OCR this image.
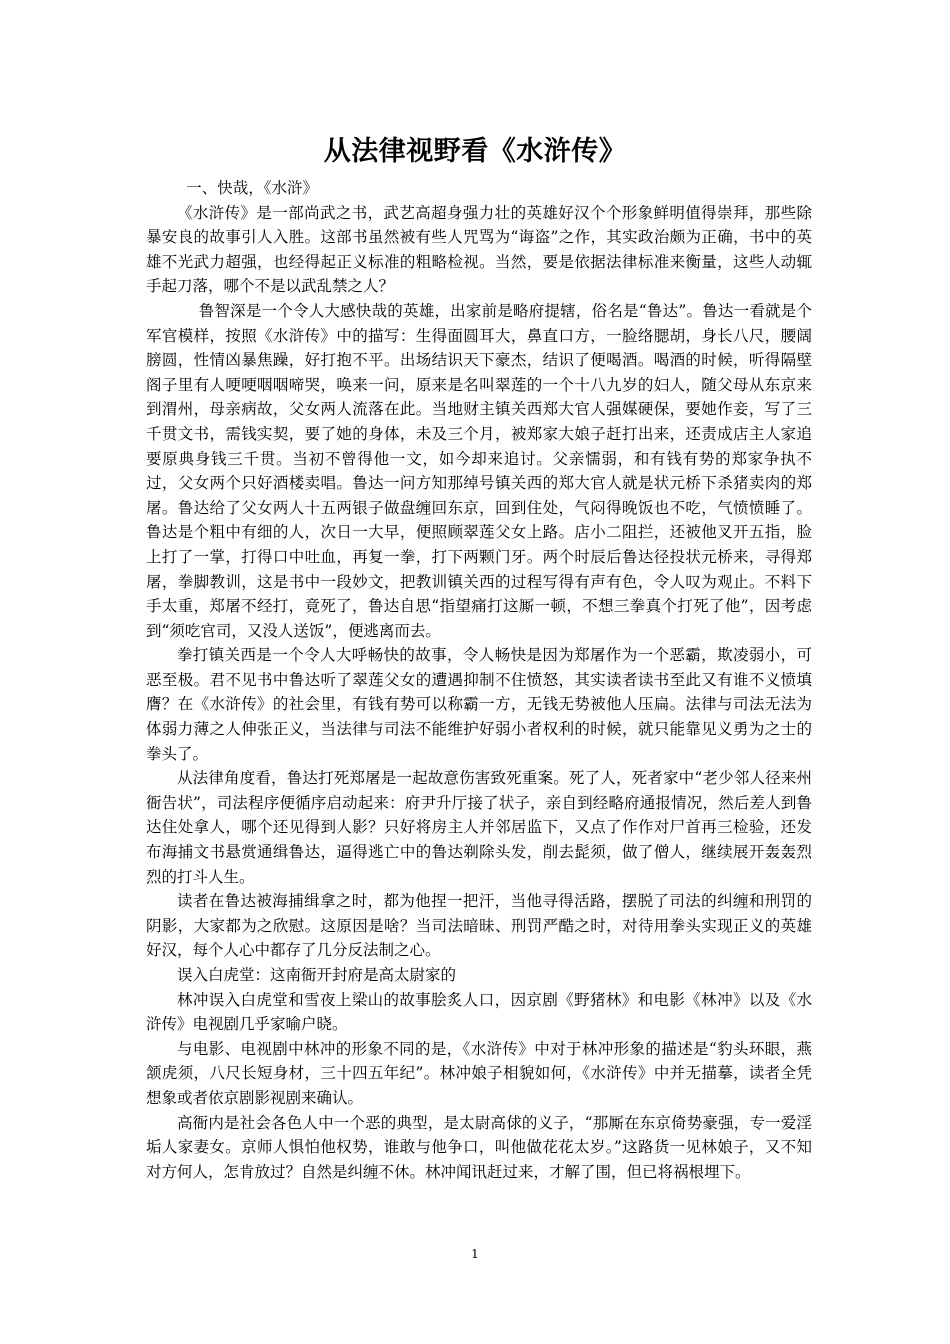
从法律视野看《水浒传》

一、快哉，《水浒》

《水浒传》是一部尚武之书，武艺高超身强力壮的英雄好汉个个形象鲜明值得崇拜，那些除暴安良的故事引人入胜。这部书虽然被有些人咒骂为“诲盗”之作，其实政治颇为正确，书中的英雄不光武力超强，也经得起正义标准的粗略检视。当然，要是依据法律标准来衡量，这些人动辄手起刀落，哪个不是以武乱禁之人？

鲁智深是一个令人大感快哉的英雄，出家前是略府提辖，俗名是“鲁达”。鲁达一看就是个军官模样，按照《水浒传》中的描写：生得面圆耳大，鼻直口方，一脸络腮胡，身长八尺，腰阔膀圆，性情凶暴焦躁，好打抱不平。出场结识天下豪杰，结识了便喝酒。喝酒的时候，听得隔壁阁子里有人哽哽咽咽啼哭，唤来一问，原来是名叫翠莲的一个十八九岁的妇人，随父母从东京来到渭州，母亲病故，父女两人流落在此。当地财主镇关西郑大官人强媒硬保，要她作妾，写了三千贯文书，需钱实契，要了她的身体，未及三个月，被郑家大娘子赶打出来，还责成店主人家追要原典身钱三千贯。当初不曾得他一文，如今却来追讨。父亲懦弱，和有钱有势的郑家争执不过，父女两个只好酒楼卖唱。鲁达一问方知那绰号镇关西的郑大官人就是状元桥下杀猪卖肉的郑屠。鲁达给了父女两人十五两银子做盘缠回东京，回到住处，气闷得晚饭也不吃，气愤愤睡了。鲁达是个粗中有细的人，次日一大早，便照顾翠莲父女上路。店小二阻拦，还被他叉开五指，脸上打了一掌，打得口中吐血，再复一拳，打下两颗门牙。两个时辰后鲁达径投状元桥来，寻得郑屠，拳脚教训，这是书中一段妙文，把教训镇关西的过程写得有声有色，令人叹为观止。不料下手太重，郑屠不经打，竟死了，鲁达自思“指望痛打这厮一顿，不想三拳真个打死了他”，因考虑到“须吃官司，又没人送饭”，便逃离而去。

拳打镇关西是一个令人大呼畅快的故事，令人畅快是因为郑屠作为一个恶霸，欺凌弱小，可恶至极。君不见书中鲁达听了翠莲父女的遭遇抑制不住愤怒，其实读者读书至此又有谁不义愤填膺？在《水浒传》的社会里，有钱有势可以称霸一方，无钱无势被他人压扁。法律与司法无法为体弱力薄之人伸张正义，当法律与司法不能维护好弱小者权利的时候，就只能靠见义勇为之士的拳头了。

从法律角度看，鲁达打死郑屠是一起故意伤害致死重案。死了人，死者家中“老少邻人径来州衙告状”，司法程序便循序启动起来：府尹升厅接了状子，亲自到经略府通报情况，然后差人到鲁达住处拿人，哪个还见得到人影？只好将房主人并邻居监下，又点了作作对尸首再三检验，还发布海捕文书悬赏通缉鲁达，逼得逃亡中的鲁达剃除头发，削去髭须，做了僧人，继续展开轰轰烈烈的打斗人生。

读者在鲁达被海捕缉拿之时，都为他捏一把汗，当他寻得活路，摆脱了司法的纠缠和刑罚的阴影，大家都为之欣慰。这原因是啥？当司法暗昧、刑罚严酷之时，对待用拳头实现正义的英雄好汉，每个人心中都存了几分反法制之心。

误入白虎堂：这南衙开封府是高太尉家的

林冲误入白虎堂和雪夜上梁山的故事脍炙人口，因京剧《野猪林》和电影《林冲》以及《水浒传》电视剧几乎家喻户晓。

与电影、电视剧中林冲的形象不同的是，《水浒传》中对于林冲形象的描述是“豹头环眼，燕颔虎须，八尺长短身材，三十四五年纪”。林冲娘子相貌如何，《水浒传》中并无描摹，读者全凭想象或者依京剧影视剧来确认。

高衙内是社会各色人中一个恶的典型，是太尉高俅的义子，“那厮在东京倚势豪强，专一爱淫垢人家妻女。京师人惧怕他权势，谁敢与他争口，叫他做花花太岁。”这路货一见林娘子，又不知对方何人，怎肯放过？自然是纠缠不休。林冲闻讯赶过来，才解了围，但已将祸根埋下。

1
